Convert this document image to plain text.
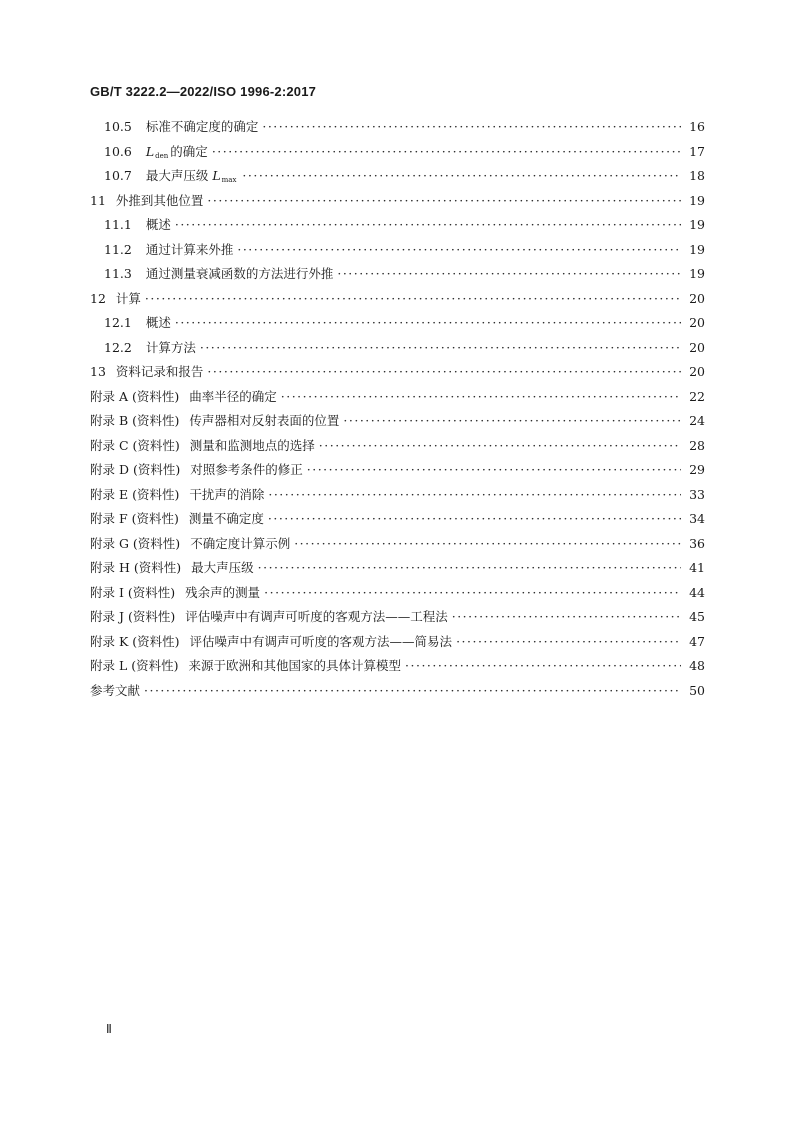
GB/T 3222.2—2022/ISO 1996-2:2017
10.5 标准不确定度的确定 ·····	16
10.6 $L_{den}$ 的确定 ·····	17
10.7 最大声压级 $L_{max}$ ·····	18
11 外推到其他位置 ·····	19
11.1 概述 ·····	19
11.2 通过计算来外推 ·····	19
11.3 通过测量衰减函数的方法进行外推 ·····	19
12 计算 ·····	20
12.1 概述 ·····	20
12.2 计算方法 ·····	20
13 资料记录和报告 ·····	20
附录 A (资料性) 曲率半径的确定 ·····	22
附录 B (资料性) 传声器相对反射表面的位置 ·····	24
附录 C (资料性) 测量和监测地点的选择 ·····	28
附录 D (资料性) 对照参考条件的修正 ·····	29
附录 E (资料性) 干扰声的消除 ·····	33
附录 F (资料性) 测量不确定度 ·····	34
附录 G (资料性) 不确定度计算示例 ·····	36
附录 H (资料性) 最大声压级 ·····	41
附录 I (资料性) 残余声的测量 ·····	44
附录 J (资料性) 评估噪声中有调声可听度的客观方法——工程法 ·····	45
附录 K (资料性) 评估噪声中有调声可听度的客观方法——简易法 ·····	47
附录 L (资料性) 来源于欧洲和其他国家的具体计算模型 ·····	48
参考文献 ·····	50
Ⅱ
